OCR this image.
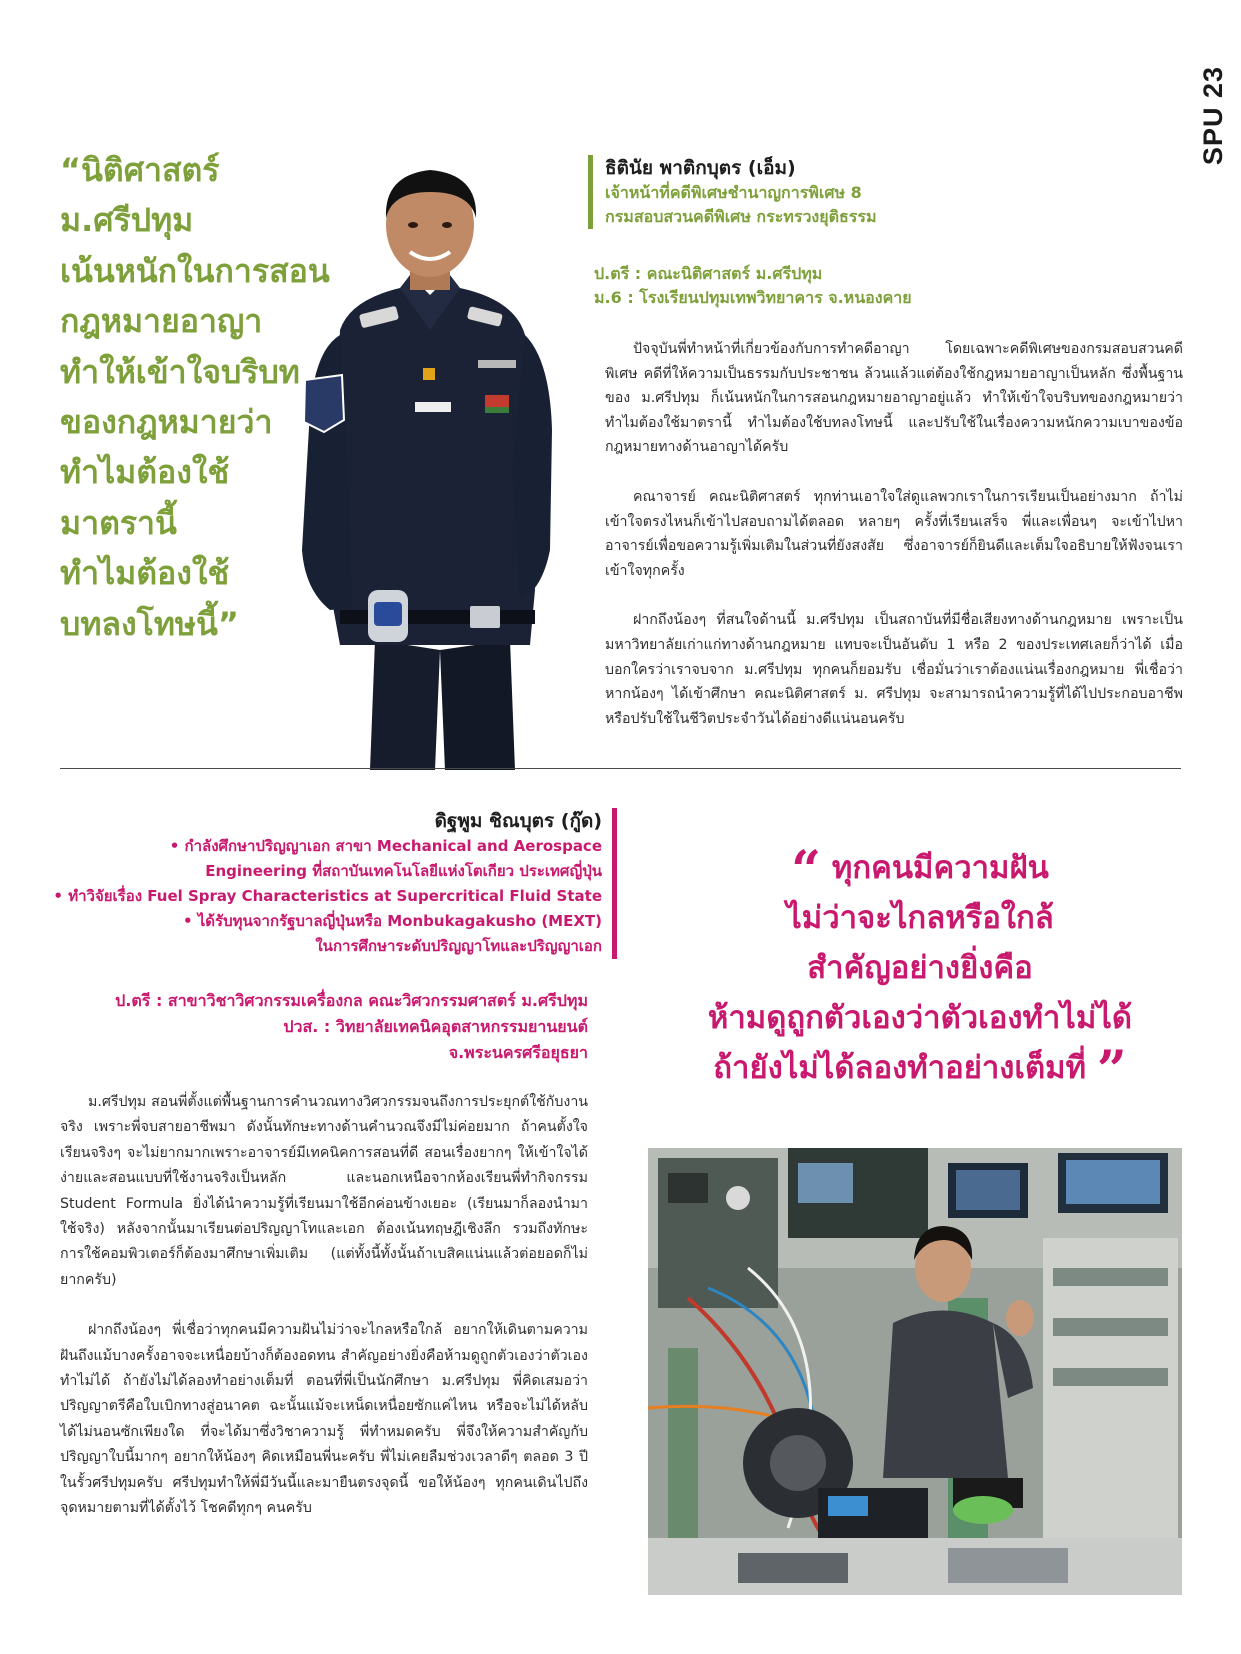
SPU 23
“นิติศาสตร์
ม.ศรีปทุม
เน้นหนักในการสอน
กฎหมายอาญา
ทำให้เข้าใจบริบท
ของกฎหมายว่า
ทำไมต้องใช้
มาตรานี้
ทำไมต้องใช้
บทลงโทษนี้”
ธิตินัย พาติกบุตร (เอ็ม)
เจ้าหน้าที่คดีพิเศษชำนาญการพิเศษ 8
กรมสอบสวนคดีพิเศษ กระทรวงยุติธรรม
ป.ตรี : คณะนิติศาสตร์ ม.ศรีปทุม
ม.6 : โรงเรียนปทุมเทพวิทยาคาร จ.หนองคาย

ปัจจุบันพี่ทำหน้าที่เกี่ยวข้องกับการทำคดีอาญา โดยเฉพาะคดีพิเศษของกรมสอบสวนคดีพิเศษ คดีที่ให้ความเป็นธรรมกับประชาชน ล้วนแล้วแต่ต้องใช้กฎหมายอาญาเป็นหลัก ซึ่งพื้นฐานของ ม.ศรีปทุม ก็เน้นหนักในการสอนกฎหมายอาญาอยู่แล้ว ทำให้เข้าใจบริบทของกฎหมายว่า ทำไมต้องใช้มาตรานี้ ทำไมต้องใช้บทลงโทษนี้ และปรับใช้ในเรื่องความหนักความเบาของข้อกฎหมายทางด้านอาญาได้ครับ

คณาจารย์ คณะนิติศาสตร์ ทุกท่านเอาใจใส่ดูแลพวกเราในการเรียนเป็นอย่างมาก ถ้าไม่เข้าใจตรงไหนก็เข้าไปสอบถามได้ตลอด หลายๆ ครั้งที่เรียนเสร็จ พี่และเพื่อนๆ จะเข้าไปหาอาจารย์เพื่อขอความรู้เพิ่มเติมในส่วนที่ยังสงสัย ซึ่งอาจารย์ก็ยินดีและเต็มใจอธิบายให้ฟังจนเราเข้าใจทุกครั้ง

ฝากถึงน้องๆ ที่สนใจด้านนี้ ม.ศรีปทุม เป็นสถาบันที่มีชื่อเสียงทางด้านกฎหมาย เพราะเป็นมหาวิทยาลัยเก่าแก่ทางด้านกฎหมาย แทบจะเป็นอันดับ 1 หรือ 2 ของประเทศเลยก็ว่าได้ เมื่อบอกใครว่าเราจบจาก ม.ศรีปทุม ทุกคนก็ยอมรับ เชื่อมั่นว่าเราต้องแน่นเรื่องกฎหมาย พี่เชื่อว่าหากน้องๆ ได้เข้าศึกษา คณะนิติศาสตร์ ม. ศรีปทุม จะสามารถนำความรู้ที่ได้ไปประกอบอาชีพหรือปรับใช้ในชีวิตประจำวันได้อย่างดีแน่นอนครับ

ดิฐพูม ชิณบุตร (กู๊ด)
• กำลังศึกษาปริญญาเอก สาขา Mechanical and Aerospace
Engineering ที่สถาบันเทคโนโลยีแห่งโตเกียว ประเทศญี่ปุ่น
• ทำวิจัยเรื่อง Fuel Spray Characteristics at Supercritical Fluid State
• ได้รับทุนจากรัฐบาลญี่ปุ่นหรือ Monbukagakusho (MEXT)
ในการศึกษาระดับปริญญาโทและปริญญาเอก
ป.ตรี : สาขาวิชาวิศวกรรมเครื่องกล คณะวิศวกรรมศาสตร์ ม.ศรีปทุม
ปวส. : วิทยาลัยเทคนิคอุตสาหกรรมยานยนต์
จ.พระนครศรีอยุธยา

ม.ศรีปทุม สอนพี่ตั้งแต่พื้นฐานการคำนวณทางวิศวกรรมจนถึงการประยุกต์ใช้กับงานจริง เพราะพี่จบสายอาชีพมา ดังนั้นทักษะทางด้านคำนวณจึงมีไม่ค่อยมาก ถ้าคนตั้งใจเรียนจริงๆ จะไม่ยากมากเพราะอาจารย์มีเทคนิคการสอนที่ดี สอนเรื่องยากๆ ให้เข้าใจได้ง่ายและสอนแบบที่ใช้งานจริงเป็นหลัก และนอกเหนือจากห้องเรียนพี่ทำกิจกรรม Student Formula ยิ่งได้นำความรู้ที่เรียนมาใช้อีกค่อนข้างเยอะ (เรียนมาก็ลองนำมาใช้จริง) หลังจากนั้นมาเรียนต่อปริญญาโทและเอก ต้องเน้นทฤษฎีเชิงลึก รวมถึงทักษะการใช้คอมพิวเตอร์ก็ต้องมาศึกษาเพิ่มเติม (แต่ทั้งนี้ทั้งนั้นถ้าเบสิคแน่นแล้วต่อยอดก็ไม่ยากครับ)

ฝากถึงน้องๆ พี่เชื่อว่าทุกคนมีความฝันไม่ว่าจะไกลหรือใกล้ อยากให้เดินตามความฝันถึงแม้บางครั้งอาจจะเหนื่อยบ้างก็ต้องอดทน สำคัญอย่างยิ่งคือห้ามดูถูกตัวเองว่าตัวเองทำไม่ได้ ถ้ายังไม่ได้ลองทำอย่างเต็มที่ ตอนที่พี่เป็นนักศึกษา ม.ศรีปทุม พี่คิดเสมอว่า ปริญญาตรีคือใบเบิกทางสู่อนาคต ฉะนั้นแม้จะเหน็ดเหนื่อยซักแค่ไหน หรือจะไม่ได้หลับได้ไม่นอนซักเพียงใด ที่จะได้มาซึ่งวิชาความรู้ พี่ทำหมดครับ พี่จึงให้ความสำคัญกับปริญญาใบนี้มากๆ อยากให้น้องๆ คิดเหมือนพี่นะครับ พี่ไม่เคยลืมช่วงเวลาดีๆ ตลอด 3 ปีในรั้วศรีปทุมครับ ศรีปทุมทำให้พี่มีวันนี้และมายืนตรงจุดนี้ ขอให้น้องๆ ทุกคนเดินไปถึงจุดหมายตามที่ได้ตั้งไว้ โชคดีทุกๆ คนครับ

“ ทุกคนมีความฝัน
ไม่ว่าจะไกลหรือใกล้
สำคัญอย่างยิ่งคือ
ห้ามดูถูกตัวเองว่าตัวเองทำไม่ได้
ถ้ายังไม่ได้ลองทำอย่างเต็มที่ ”
